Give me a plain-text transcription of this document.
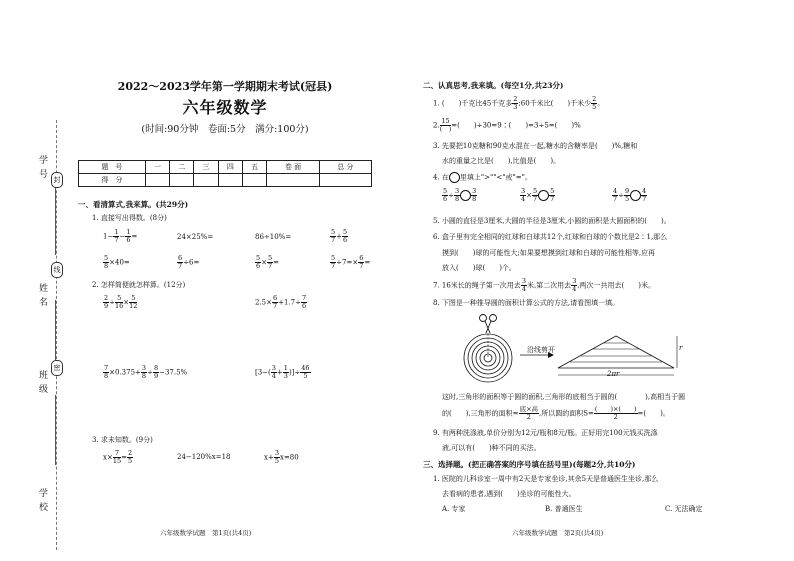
学 号
姓 名
班 级
学 校
封
线
密
2022～2023学年第一学期期末考试(冠县)
六年级数学
(时间:90分钟　卷面:5分　满分:100分)
题　号	一	二	三	四	五	卷 面	总 分
得　分							
一、看清算式,我来算。(共29分)
1. 直接写出得数。(8分)
$1- \frac{1}{7} - \frac{1}{6}$ =	24×25%=	86÷10%=	$\frac{5}{7} + \frac{5}{6}$
$\frac{5}{8} \times 40=$	$\frac{6}{7} \div 6=$	$\frac{5}{6} \times \frac{5}{7}$ =	$\frac{5}{7} \div 7=\times \frac{6}{7}$ =
2. 怎样简便就怎样算。(12分)
$\frac{2}{9} \div \frac{5}{16} \times \frac{5}{12}$	$2.5\times \frac{6}{7} +1.7\div \frac{7}{6}$
$\frac{7}{8} \times 0.375+ \frac{3}{8} \div \frac{8}{9} -37.5\%$	[$3-( \frac{3}{4} + \frac{1}{3}$ )]÷ $\frac{46}{5}$
3. 求未知数。(9分)
$x\times \frac{7}{15} = \frac{2}{5}$	24−120%x=18	$x+ \frac{3}{5} x=80$
六年级数学试题　第1页(共4页)
二、认真思考,我来填。(每空1分,共23分)
1. (　　)千克比45千克多 $\frac{2}{3}$ ;60千米比(　　)千米少 $\frac{2}{5}$ 。
2. $\frac{15}{( )}$ =(　　)÷30=9∶(　　)=3÷5=(　　)%
3. 先要把10克糖和90克水混在一起,糖水的含糖率是(　　)%,糖和
水的重量之比是(　　),比值是(　　)。
4. 在 里填上">""<"或"="。
$\frac{5}{6} \div \frac{3}{8} \frac{3}{8}$	$\frac{3}{4} \times \frac{5}{7} \frac{5}{7}$	$\frac{4}{7} \div \frac{9}{5} \frac{4}{7}$
5. 小圆的直径是3厘米,大圆的半径是3厘米,小圆的面积是大圆面积的(　　)。
6. 盒子里有完全相同的红球和白球共12个,红球和白球的个数比是2∶1,那么
摸到(　　)球的可能性大;如果要想摸到红球和白球的可能性相等,应再
放入(　　)球(　　)个。
7. 16米长的绳子第一次用去 $\frac{3}{4}$ 米,第二次用去 $\frac{3}{4}$ ,两次一共用去(　　)米。
8. 下图是一种推导圆的面积计算公式的方法,请看图填一填。
沿线剪开	r
2πr
这时,三角形的面积等于圆的面积,三角形的底相当于圆的(　　　　),高相当于圆
的(　　),三角形的面积= $\frac{\text{底×高}}{2}$ ,所以圆的面积$S= \frac{( )\times( )}{2}$ =(　　)。
9. 有两种洗涤液,单价分别为12元/瓶和8元/瓶。正好用完100元钱买洗涤
液,可以有(　　)种不同的买法。
三、选择题。(把正确答案的序号填在括号里)(每题2分,共10分)
1. 医院的儿科诊室一周中有2天是专家坐诊,其余5天是普通医生坐诊,那么
去看病的患者,遇到(　　)坐诊的可能性大。
A. 专家	B. 普通医生	C. 无法确定
六年级数学试题　第2页(共4页)
